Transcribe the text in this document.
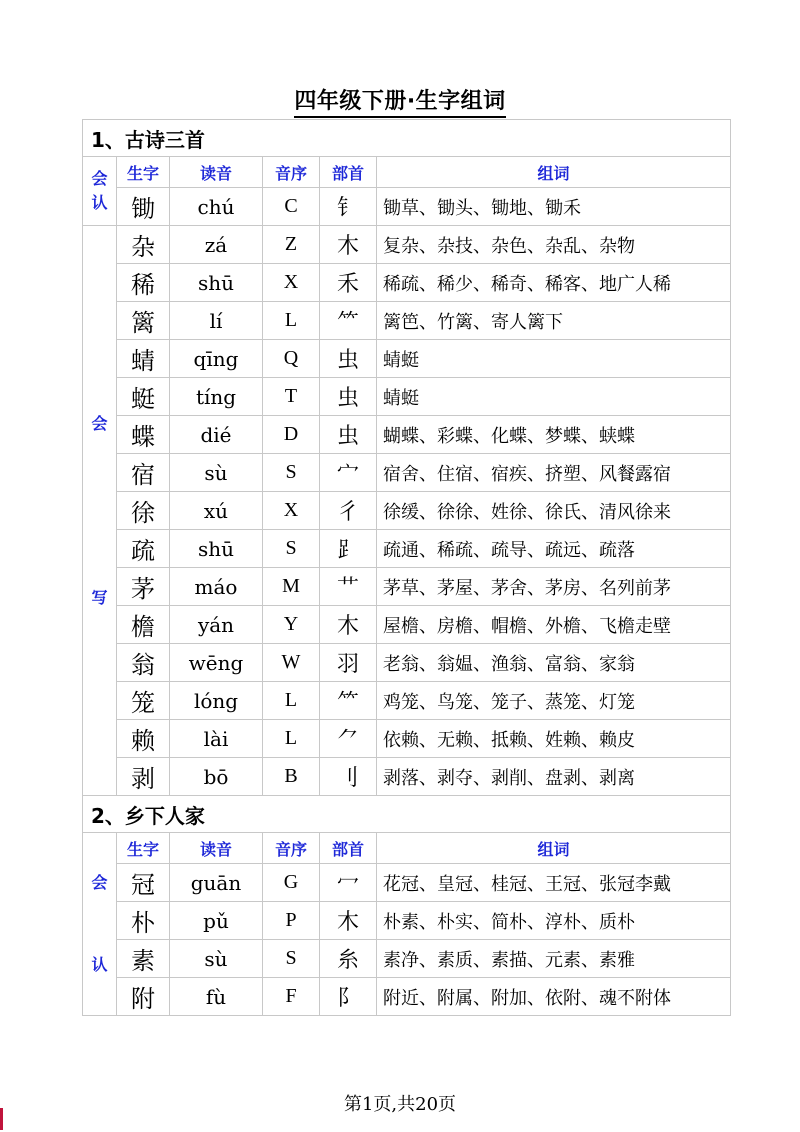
四年级下册·生字组词
1、古诗三首					

会
认	生字	读音	音序	部首	组词
	锄	chú	C	钅	锄草、锄头、锄地、锄禾

会
写	杂	zá	Z	木	复杂、杂技、杂色、杂乱、杂物
	稀	shū	X	禾	稀疏、稀少、稀奇、稀客、地广人稀
	篱	lí	L	⺮	篱笆、竹篱、寄人篱下
	蜻	qīng	Q	虫	蜻蜓
	蜓	tíng	T	虫	蜻蜓
	蝶	dié	D	虫	蝴蝶、彩蝶、化蝶、梦蝶、蛱蝶
	宿	sù	S	宀	宿舍、住宿、宿疾、挤塑、风餐露宿
	徐	xú	X	彳	徐缓、徐徐、姓徐、徐氏、清风徐来
	疏	shū	S	⻊	疏通、稀疏、疏导、疏远、疏落
	茅	máo	M	艹	茅草、茅屋、茅舍、茅房、名列前茅
	檐	yán	Y	木	屋檐、房檐、帽檐、外檐、飞檐走壁
	翁	wēng	W	羽	老翁、翁媪、渔翁、富翁、家翁
	笼	lóng	L	⺮	鸡笼、鸟笼、笼子、蒸笼、灯笼
	赖	lài	L	⺈	依赖、无赖、抵赖、姓赖、赖皮
	剥	bō	B	刂	剥落、剥夺、剥削、盘剥、剥离
2、乡下人家					

会
认	生字	读音	音序	部首	组词
	冠	guān	G	冖	花冠、皇冠、桂冠、王冠、张冠李戴
	朴	pǔ	P	木	朴素、朴实、简朴、淳朴、质朴
	素	sù	S	糸	素净、素质、素描、元素、素雅
	附	fù	F	阝	附近、附属、附加、依附、魂不附体
第1页,共20页
